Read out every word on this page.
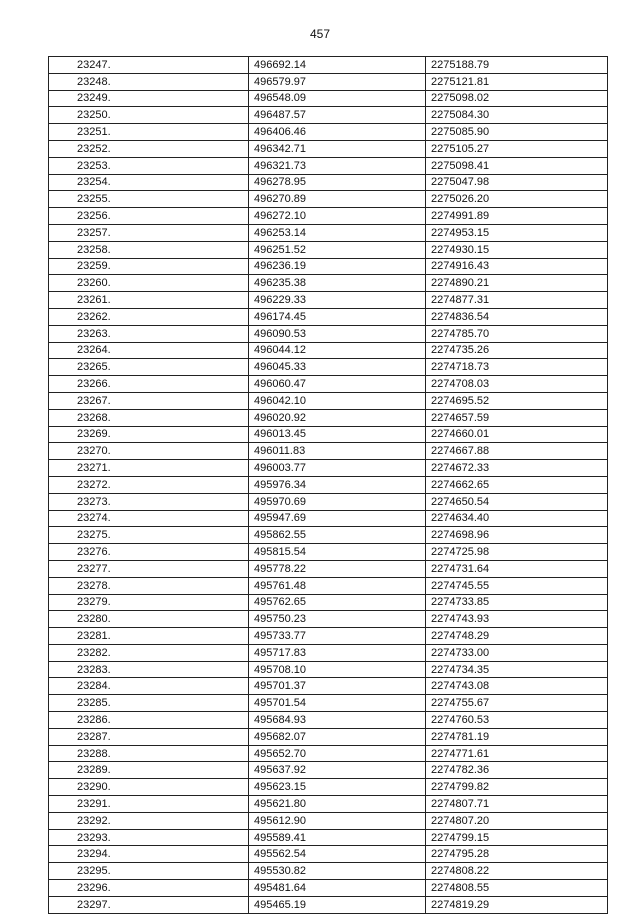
457
23247.	496692.14	2275188.79
23248.	496579.97	2275121.81
23249.	496548.09	2275098.02
23250.	496487.57	2275084.30
23251.	496406.46	2275085.90
23252.	496342.71	2275105.27
23253.	496321.73	2275098.41
23254.	496278.95	2275047.98
23255.	496270.89	2275026.20
23256.	496272.10	2274991.89
23257.	496253.14	2274953.15
23258.	496251.52	2274930.15
23259.	496236.19	2274916.43
23260.	496235.38	2274890.21
23261.	496229.33	2274877.31
23262.	496174.45	2274836.54
23263.	496090.53	2274785.70
23264.	496044.12	2274735.26
23265.	496045.33	2274718.73
23266.	496060.47	2274708.03
23267.	496042.10	2274695.52
23268.	496020.92	2274657.59
23269.	496013.45	2274660.01
23270.	496011.83	2274667.88
23271.	496003.77	2274672.33
23272.	495976.34	2274662.65
23273.	495970.69	2274650.54
23274.	495947.69	2274634.40
23275.	495862.55	2274698.96
23276.	495815.54	2274725.98
23277.	495778.22	2274731.64
23278.	495761.48	2274745.55
23279.	495762.65	2274733.85
23280.	495750.23	2274743.93
23281.	495733.77	2274748.29
23282.	495717.83	2274733.00
23283.	495708.10	2274734.35
23284.	495701.37	2274743.08
23285.	495701.54	2274755.67
23286.	495684.93	2274760.53
23287.	495682.07	2274781.19
23288.	495652.70	2274771.61
23289.	495637.92	2274782.36
23290.	495623.15	2274799.82
23291.	495621.80	2274807.71
23292.	495612.90	2274807.20
23293.	495589.41	2274799.15
23294.	495562.54	2274795.28
23295.	495530.82	2274808.22
23296.	495481.64	2274808.55
23297.	495465.19	2274819.29
